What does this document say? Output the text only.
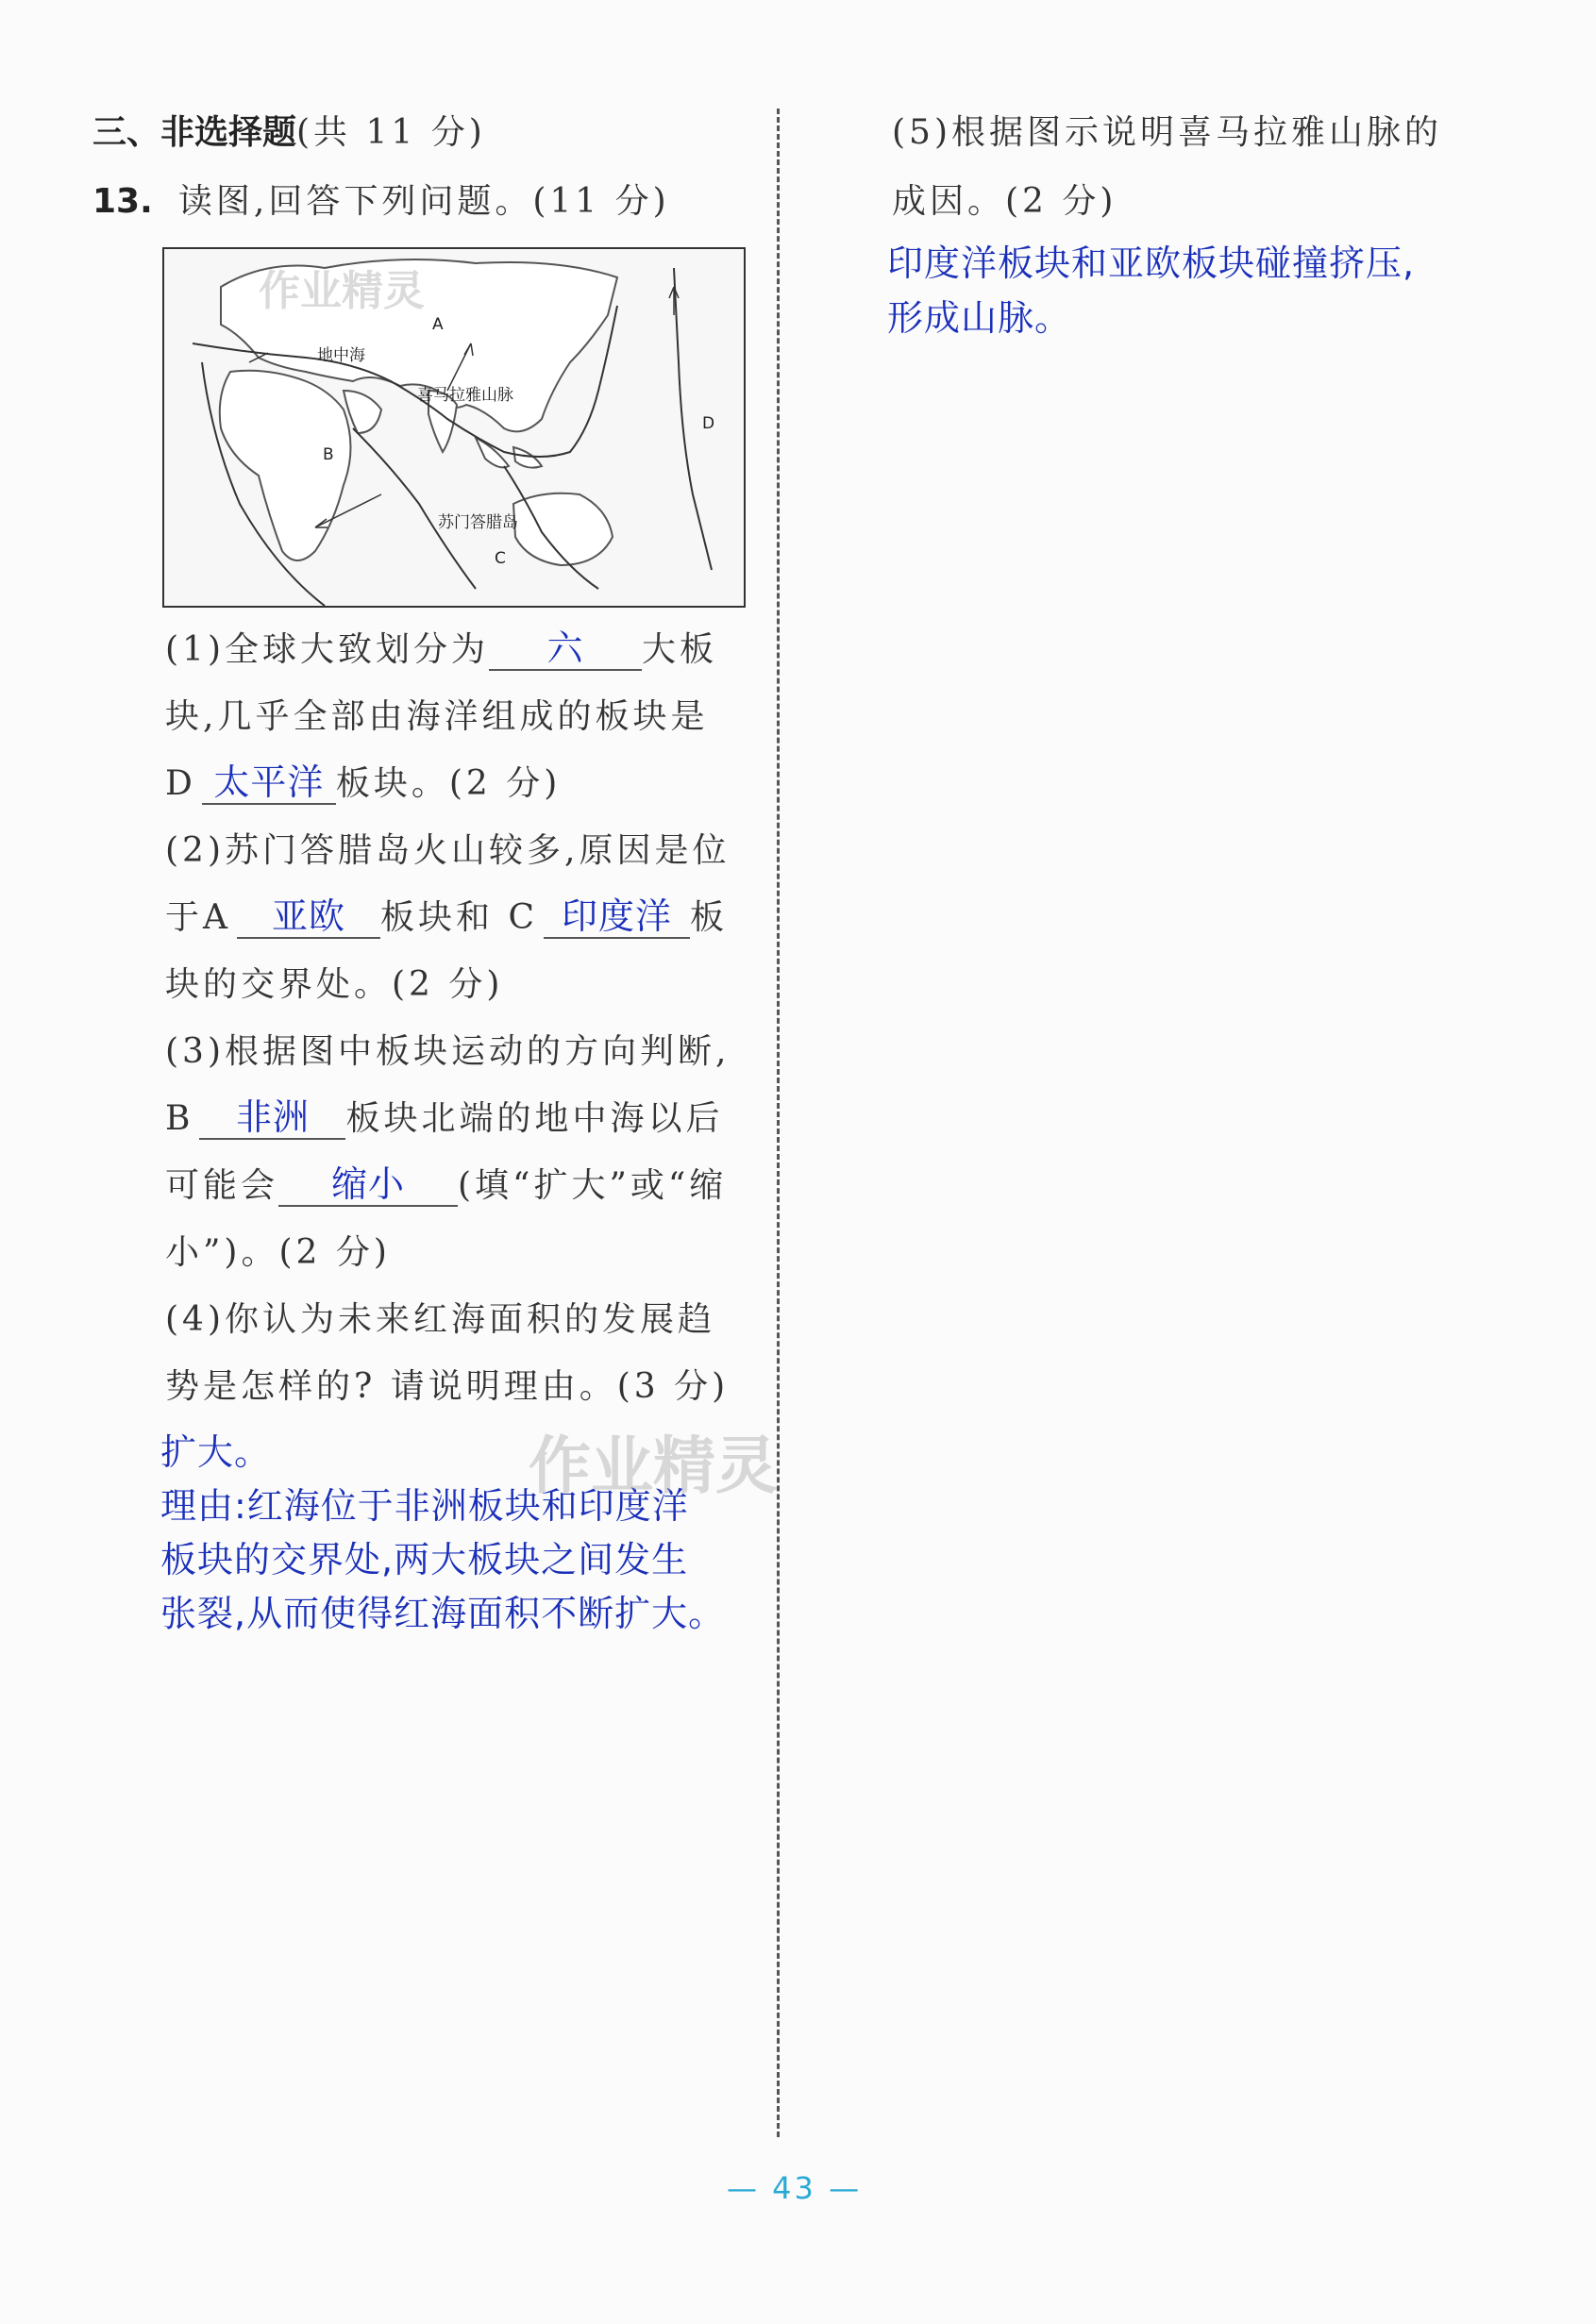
三、非选择题(共 11 分)
13. 读图,回答下列问题。(11 分)
地中海
喜马拉雅山脉
苏门答腊岛
A
B
C
D
作业精灵
(1)全球大致划分为 六 大板
块,几乎全部由海洋组成的板块是
D 太平洋 板块。(2 分)
(2)苏门答腊岛火山较多,原因是位
于A 亚欧 板块和 C 印度洋 板
块的交界处。(2 分)
(3)根据图中板块运动的方向判断,
B 非洲 板块北端的地中海以后
可能会 缩小 (填“扩大”或“缩
小”)。(2 分)
(4)你认为未来红海面积的发展趋
势是怎样的? 请说明理由。(3 分)
扩大。
理由:红海位于非洲板块和印度洋
板块的交界处,两大板块之间发生
张裂,从而使得红海面积不断扩大。
作业精灵
(5)根据图示说明喜马拉雅山脉的
成因。(2 分)
印度洋板块和亚欧板块碰撞挤压,
形成山脉。
— 43 —
